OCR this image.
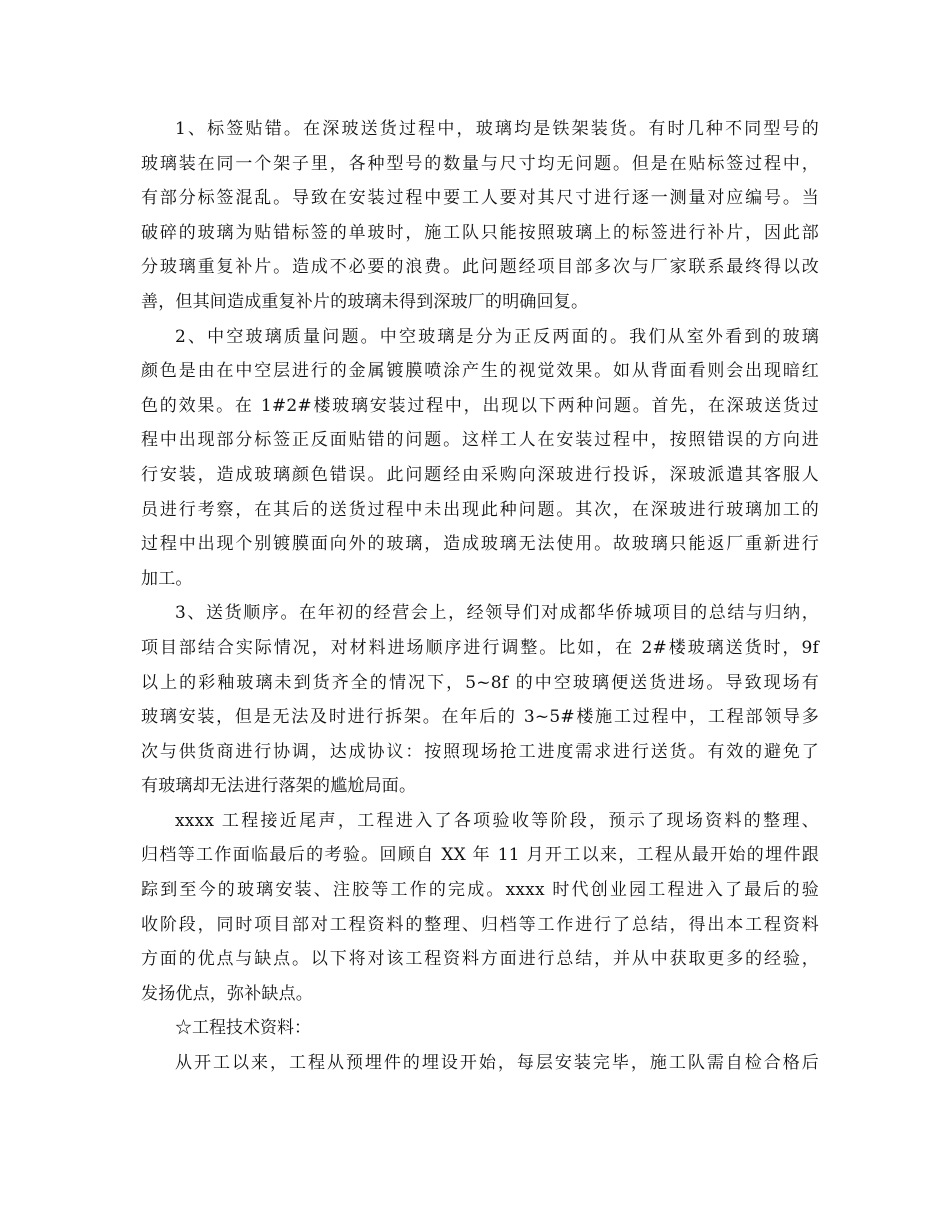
1、标签贴错。在深玻送货过程中，玻璃均是铁架装货。有时几种不同型号的
玻璃装在同一个架子里，各种型号的数量与尺寸均无问题。但是在贴标签过程中，
有部分标签混乱。导致在安装过程中要工人要对其尺寸进行逐一测量对应编号。当
破碎的玻璃为贴错标签的单玻时，施工队只能按照玻璃上的标签进行补片，因此部
分玻璃重复补片。造成不必要的浪费。此问题经项目部多次与厂家联系最终得以改
善，但其间造成重复补片的玻璃未得到深玻厂的明确回复。
2、中空玻璃质量问题。中空玻璃是分为正反两面的。我们从室外看到的玻璃
颜色是由在中空层进行的金属镀膜喷涂产生的视觉效果。如从背面看则会出现暗红
色的效果。在 1#2#楼玻璃安装过程中，出现以下两种问题。首先，在深玻送货过
程中出现部分标签正反面贴错的问题。这样工人在安装过程中，按照错误的方向进
行安装，造成玻璃颜色错误。此问题经由采购向深玻进行投诉，深玻派遣其客服人
员进行考察，在其后的送货过程中未出现此种问题。其次，在深玻进行玻璃加工的
过程中出现个别镀膜面向外的玻璃，造成玻璃无法使用。故玻璃只能返厂重新进行
加工。
3、送货顺序。在年初的经营会上，经领导们对成都华侨城项目的总结与归纳，
项目部结合实际情况，对材料进场顺序进行调整。比如，在 2#楼玻璃送货时，9f
以上的彩釉玻璃未到货齐全的情况下，5~8f 的中空玻璃便送货进场。导致现场有
玻璃安装，但是无法及时进行拆架。在年后的 3~5#楼施工过程中，工程部领导多
次与供货商进行协调，达成协议：按照现场抢工进度需求进行送货。有效的避免了
有玻璃却无法进行落架的尴尬局面。
xxxx 工程接近尾声，工程进入了各项验收等阶段，预示了现场资料的整理、
归档等工作面临最后的考验。回顾自 XX 年 11 月开工以来，工程从最开始的埋件跟
踪到至今的玻璃安装、注胶等工作的完成。xxxx 时代创业园工程进入了最后的验
收阶段，同时项目部对工程资料的整理、归档等工作进行了总结，得出本工程资料
方面的优点与缺点。以下将对该工程资料方面进行总结，并从中获取更多的经验，
发扬优点，弥补缺点。
☆工程技术资料：
从开工以来，工程从预埋件的埋设开始，每层安装完毕，施工队需自检合格后
